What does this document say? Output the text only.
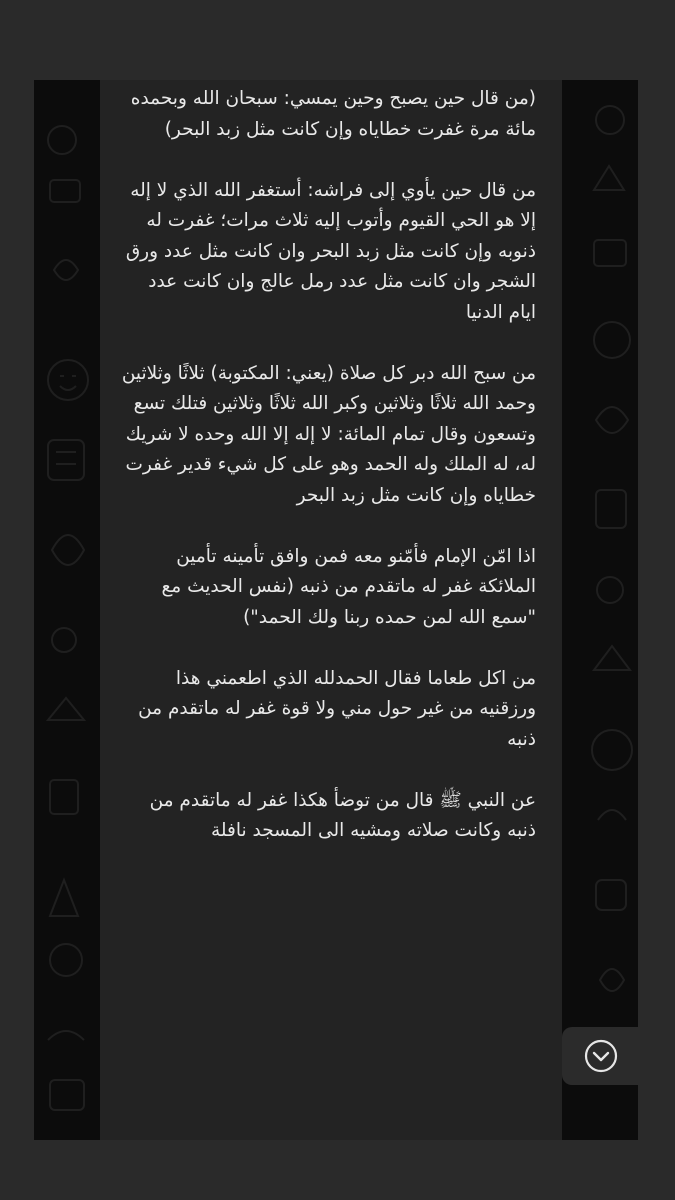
(من قال حين يصبح وحين يمسي: سبحان الله وبحمده مائة مرة غفرت خطاياه وإن كانت مثل زبد البحر)

من قال حين يأوي إلى فراشه: أستغفر الله الذي لا إله إلا هو الحي القيوم وأتوب إليه ثلاث مرات؛ غفرت له ذنوبه وإن كانت مثل زبد البحر وان كانت مثل عدد ورق الشجر وان كانت مثل عدد رمل عالج وان كانت عدد ايام الدنيا

من سبح الله دبر كل صلاة (يعني: المكتوبة) ثلاثًا وثلاثين وحمد الله ثلاثًا وثلاثين وكبر الله ثلاثًا وثلاثين فتلك تسع وتسعون وقال تمام المائة: لا إله إلا الله وحده لا شريك له، له الملك وله الحمد وهو على كل شيء قدير غفرت خطاياه وإن كانت مثل زبد البحر

اذا امّن الإمام فأمّنو معه فمن وافق تأمينه تأمين الملائكة غفر له ماتقدم من ذنبه (نفس الحديث مع "سمع الله لمن حمده ربنا ولك الحمد")

من اكل طعاما فقال الحمدلله الذي اطعمني هذا ورزقنيه من غير حول مني ولا قوة غفر له ماتقدم من ذنبه

عن النبي ﷺ قال من توضأ هكذا غفر له ماتقدم من ذنبه وكانت صلاته ومشيه الى المسجد نافلة
